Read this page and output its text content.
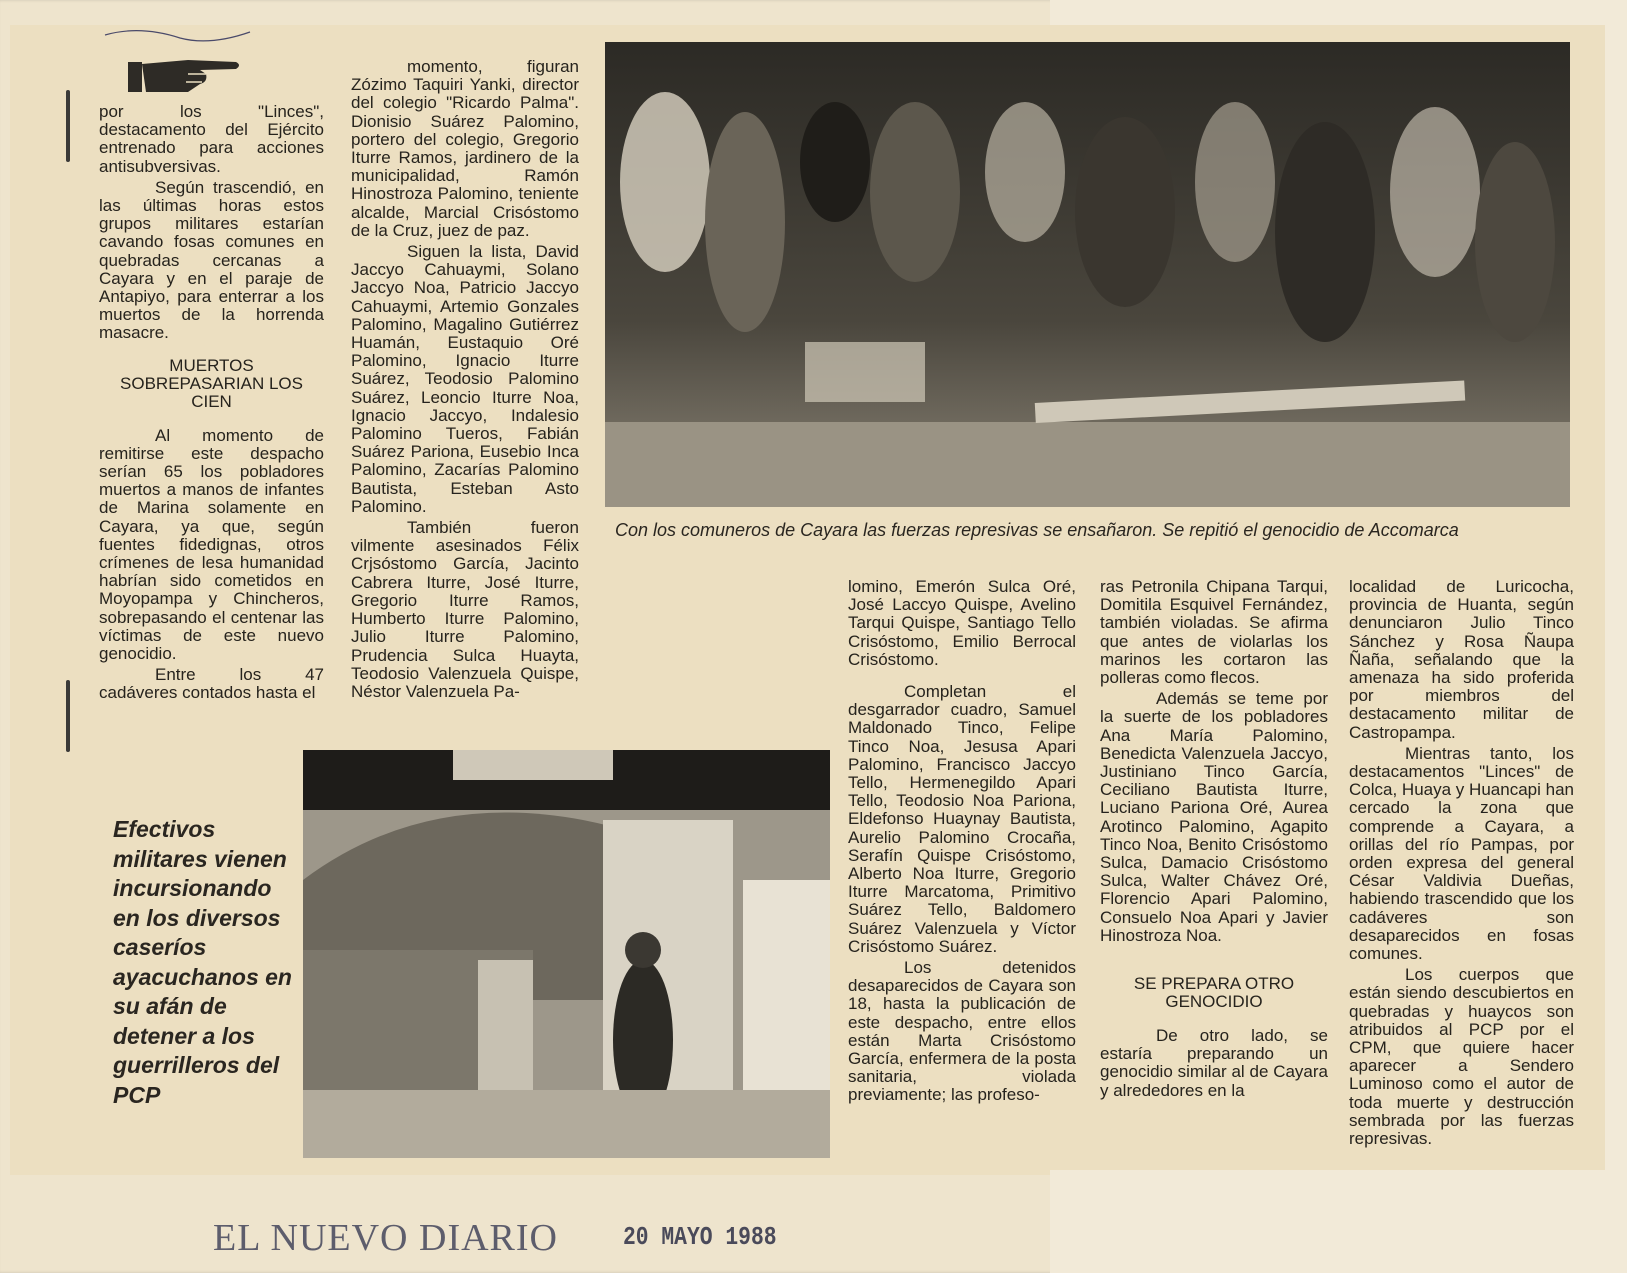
por los "Linces", destacamento del Ejército entrenado para acciones antisubversivas.

Según trascendió, en las últimas horas estos grupos militares estarían cavando fosas comunes en quebradas cercanas a Cayara y en el paraje de Antapiyo, para enterrar a los muertos de la horrenda masacre.

MUERTOS
SOBREPASARIAN LOS
CIEN

Al momento de remitirse este despacho serían 65 los pobladores muertos a manos de infantes de Marina solamente en Cayara, ya que, según fuentes fidedignas, otros crímenes de lesa humanidad habrían sido cometidos en Moyopampa y Chincheros, sobrepasando el centenar las víctimas de este nuevo genocidio.

Entre los 47 cadáveres contados hasta el

momento, figuran Zózimo Taquiri Yanki, director del colegio "Ricardo Palma". Dionisio Suárez Palomino, portero del colegio, Gregorio Iturre Ramos, jardinero de la municipalidad, Ramón Hinostroza Palomino, teniente alcalde, Marcial Crisóstomo de la Cruz, juez de paz.

Siguen la lista, David Jaccyo Cahuaymi, Solano Jaccyo Noa, Patricio Jaccyo Cahuaymi, Artemio Gonzales Palomino, Magalino Gutiérrez Huamán, Eustaquio Oré Palomino, Ignacio Iturre Suárez, Teodosio Palomino Suárez, Leoncio Iturre Noa, Ignacio Jaccyo, Indalesio Palomino Tueros, Fabián Suárez Pariona, Eusebio Inca Palomino, Zacarías Palomino Bautista, Esteban Asto Palomino.

También fueron vilmente asesinados Félix Crjsóstomo García, Jacinto Cabrera Iturre, José Iturre, Gregorio Iturre Ramos, Humberto Iturre Palomino, Julio Iturre Palomino, Prudencia Sulca Huayta, Teodosio Valenzuela Quispe, Néstor Valenzuela Pa-

Con los comuneros de Cayara las fuerzas represivas se ensañaron. Se repitió el genocidio de Accomarca
Efectivos militares vienen incursionando en los diversos caseríos ayacuchanos en su afán de detener a los guerrilleros del PCP

lomino, Emerón Sulca Oré, José Laccyo Quispe, Avelino Tarqui Quispe, Santiago Tello Crisóstomo, Emilio Berrocal Crisóstomo.

Completan el desgarrador cuadro, Samuel Maldonado Tinco, Felipe Tinco Noa, Jesusa Apari Palomino, Francisco Jaccyo Tello, Hermenegildo Apari Tello, Teodosio Noa Pariona, Eldefonso Huaynay Bautista, Aurelio Palomino Crocaña, Serafín Quispe Crisóstomo, Alberto Noa Iturre, Gregorio Iturre Marcatoma, Primitivo Suárez Tello, Baldomero Suárez Valenzuela y Víctor Crisóstomo Suárez.

Los detenidos desaparecidos de Cayara son 18, hasta la publicación de este despacho, entre ellos están Marta Crisóstomo García, enfermera de la posta sanitaria, violada previamente; las profeso-

ras Petronila Chipana Tarqui, Domitila Esquivel Fernández, también violadas. Se afirma que antes de violarlas los marinos les cortaron las polleras como flecos.

Además se teme por la suerte de los pobladores Ana María Palomino, Benedicta Valenzuela Jaccyo, Justiniano Tinco García, Ceciliano Bautista Iturre, Luciano Pariona Oré, Aurea Arotinco Palomino, Agapito Tinco Noa, Benito Crisóstomo Sulca, Damacio Crisóstomo Sulca, Walter Chávez Oré, Florencio Apari Palomino, Consuelo Noa Apari y Javier Hinostroza Noa.

SE PREPARA OTRO
GENOCIDIO

De otro lado, se estaría preparando un genocidio similar al de Cayara y alrededores en la

localidad de Luricocha, provincia de Huanta, según denunciaron Julio Tinco Sánchez y Rosa Ñaupa Ñaña, señalando que la amenaza ha sido proferida por miembros del destacamento militar de Castropampa.

Mientras tanto, los destacamentos "Linces" de Colca, Huaya y Huancapi han cercado la zona que comprende a Cayara, a orillas del río Pampas, por orden expresa del general César Valdivia Dueñas, habiendo trascendido que los cadáveres son desaparecidos en fosas comunes.

Los cuerpos que están siendo descubiertos en quebradas y huaycos son atribuidos al PCP por el CPM, que quiere hacer aparecer a Sendero Luminoso como el autor de toda muerte y destrucción sembrada por las fuerzas represivas.

EL NUEVO DIARIO	20 MAYO 1988
